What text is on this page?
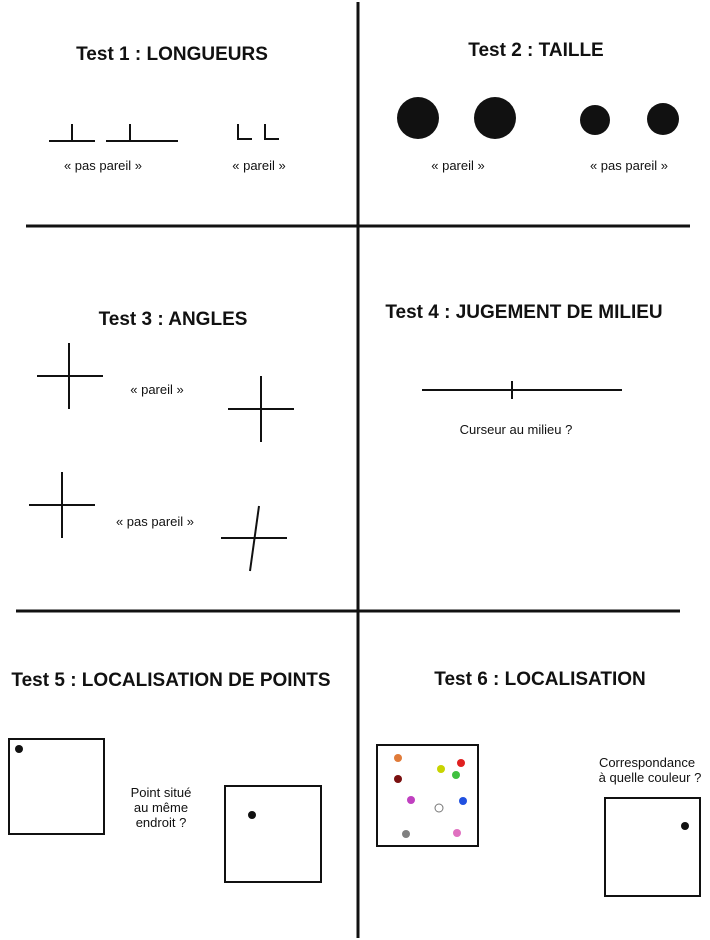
Test 1 : LONGUEURS
« pas pareil »	« pareil »
Test 2 : TAILLE
« pareil »	« pas pareil »
Test 3 : ANGLES
« pareil »
« pas pareil »
Test 4 : JUGEMENT DE MILIEU
Curseur au milieu ?
Test 5 : LOCALISATION DE POINTS
Point situé
au même
endroit ?
Test 6 : LOCALISATION
Correspondance
à quelle couleur ?
